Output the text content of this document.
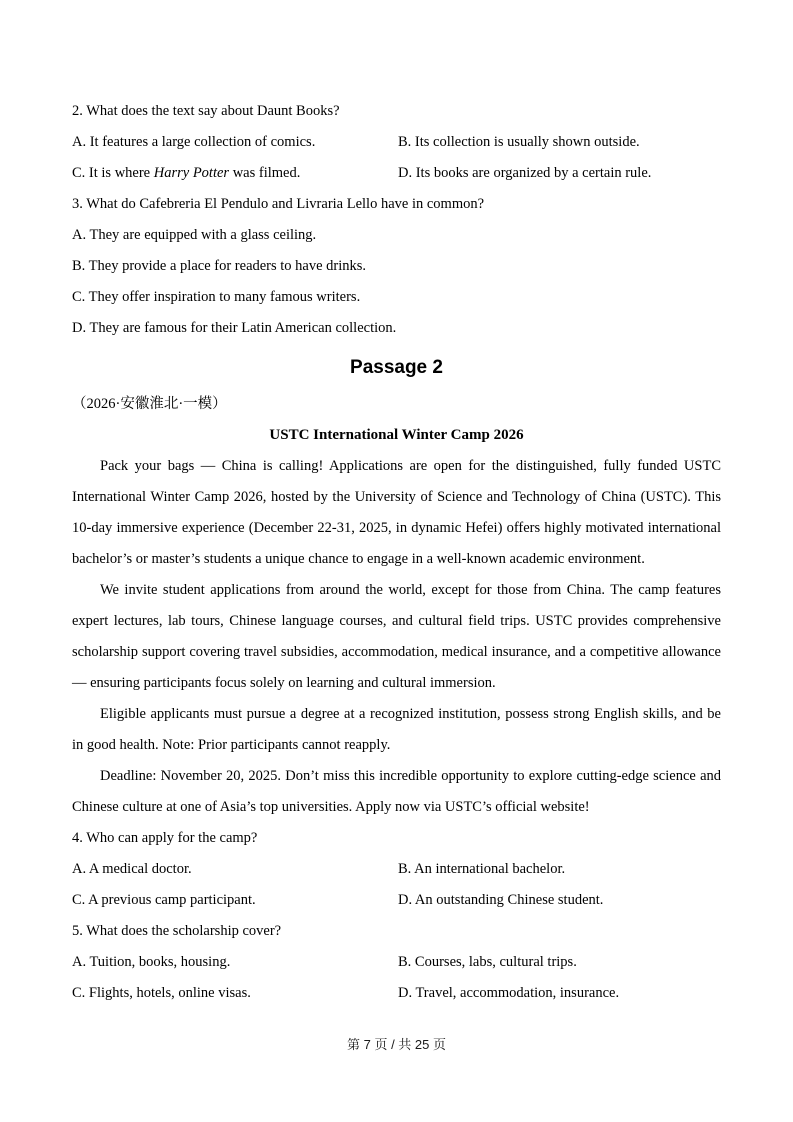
2. What does the text say about Daunt Books?
A. It features a large collection of comics.	B. Its collection is usually shown outside.
C. It is where Harry Potter was filmed.	D. Its books are organized by a certain rule.
3. What do Cafebreria El Pendulo and Livraria Lello have in common?
A. They are equipped with a glass ceiling.
B. They provide a place for readers to have drinks.
C. They offer inspiration to many famous writers.
D. They are famous for their Latin American collection.
Passage 2
（2026·安徽淮北·一模）
USTC International Winter Camp 2026

Pack your bags — China is calling! Applications are open for the distinguished, fully funded USTC International Winter Camp 2026, hosted by the University of Science and Technology of China (USTC). This 10-day immersive experience (December 22-31, 2025, in dynamic Hefei) offers highly motivated international bachelor’s or master’s students a unique chance to engage in a well-known academic environment.

We invite student applications from around the world, except for those from China. The camp features expert lectures, lab tours, Chinese language courses, and cultural field trips. USTC provides comprehensive scholarship support covering travel subsidies, accommodation, medical insurance, and a competitive allowance — ensuring participants focus solely on learning and cultural immersion.

Eligible applicants must pursue a degree at a recognized institution, possess strong English skills, and be in good health. Note: Prior participants cannot reapply.

Deadline: November 20, 2025. Don’t miss this incredible opportunity to explore cutting-edge science and Chinese culture at one of Asia’s top universities. Apply now via USTC’s official website!

4. Who can apply for the camp?
A. A medical doctor.	B. An international bachelor.
C. A previous camp participant.	D. An outstanding Chinese student.
5. What does the scholarship cover?
A. Tuition, books, housing.	B. Courses, labs, cultural trips.
C. Flights, hotels, online visas.	D. Travel, accommodation, insurance.
第 7 页 / 共 25 页
